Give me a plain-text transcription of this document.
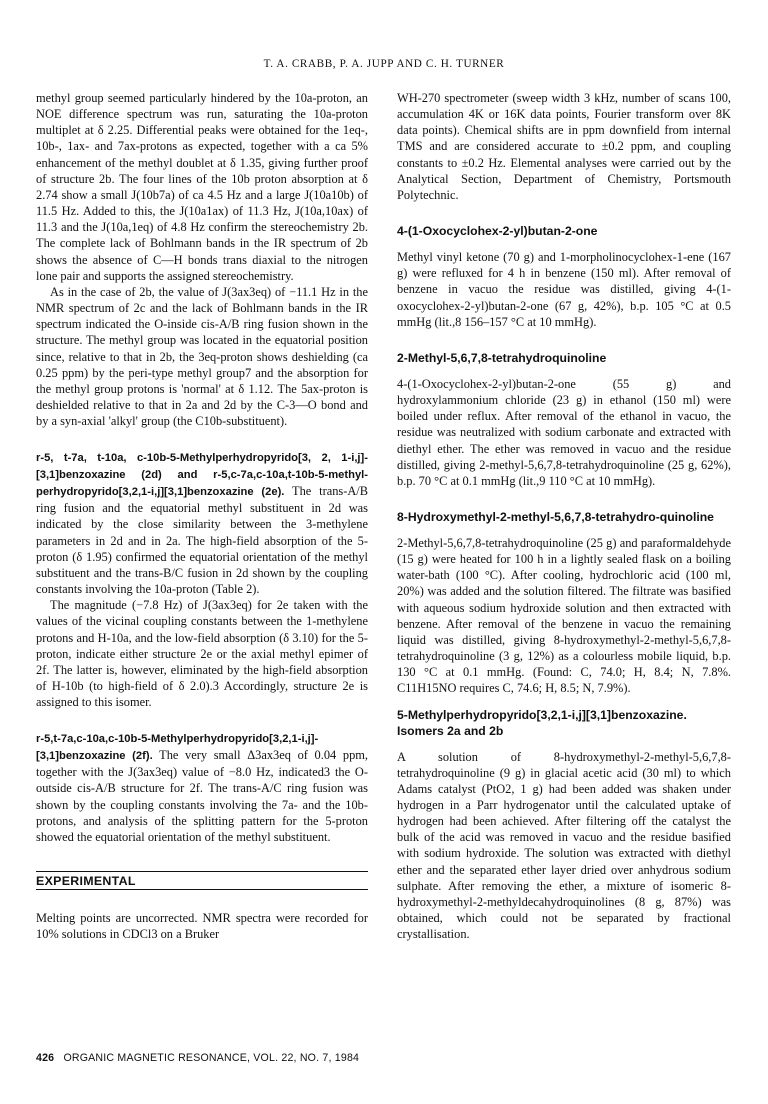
T. A. CRABB, P. A. JUPP AND C. H. TURNER

methyl group seemed particularly hindered by the 10a-proton, an NOE difference spectrum was run, saturating the 10a-proton multiplet at δ 2.25. Differential peaks were obtained for the 1eq-, 10b-, 1ax- and 7ax-protons as expected, together with a ca 5% enhancement of the methyl doublet at δ 1.35, giving further proof of structure 2b. The four lines of the 10b proton absorption at δ 2.74 show a small J(10b7a) of ca 4.5 Hz and a large J(10a10b) of 11.5 Hz. Added to this, the J(10a1ax) of 11.3 Hz, J(10a,10ax) of 11.3 and the J(10a,1eq) of 4.8 Hz confirm the stereochemistry 2b. The complete lack of Bohlmann bands in the IR spectrum of 2b shows the absence of C—H bonds trans diaxial to the nitrogen lone pair and supports the assigned stereochemistry.

As in the case of 2b, the value of J(3ax3eq) of −11.1 Hz in the NMR spectrum of 2c and the lack of Bohlmann bands in the IR spectrum indicated the O-inside cis-A/B ring fusion shown in the structure. The methyl group was located in the equatorial position since, relative to that in 2b, the 3eq-proton shows deshielding (ca 0.25 ppm) by the peri-type methyl group7 and the absorption for the methyl group protons is 'normal' at δ 1.12. The 5ax-proton is deshielded relative to that in 2a and 2d by the C-3—O bond and by a syn-axial 'alkyl' group (the C10b-substituent).

r-5, t-7a, t-10a, c-10b-5-Methylperhydropyrido[3, 2, 1-i,j]-[3,1]benzoxazine (2d) and r-5,c-7a,c-10a,t-10b-5-methyl-perhydropyrido[3,2,1-i,j][3,1]benzoxazine (2e). The trans-A/B ring fusion and the equatorial methyl substituent in 2d was indicated by the close similarity between the 3-methylene parameters in 2d and in 2a. The high-field absorption of the 5-proton (δ 1.95) confirmed the equatorial orientation of the methyl substituent and the trans-B/C fusion in 2d shown by the coupling constants involving the 10a-proton (Table 2).

The magnitude (−7.8 Hz) of J(3ax3eq) for 2e taken with the values of the vicinal coupling constants between the 1-methylene protons and H-10a, and the low-field absorption (δ 3.10) for the 5-proton, indicate either structure 2e or the axial methyl epimer of 2f. The latter is, however, eliminated by the high-field absorption of H-10b (to high-field of δ 2.0).3 Accordingly, structure 2e is assigned to this isomer.

r-5,t-7a,c-10a,c-10b-5-Methylperhydropyrido[3,2,1-i,j]-[3,1]benzoxazine (2f). The very small Δ3ax3eq of 0.04 ppm, together with the J(3ax3eq) value of −8.0 Hz, indicated3 the O-outside cis-A/B structure for 2f. The trans-A/C ring fusion was shown by the coupling constants involving the 7a- and the 10b-protons, and analysis of the splitting pattern for the 5-proton showed the equatorial orientation of the methyl substituent.

EXPERIMENTAL

Melting points are uncorrected. NMR spectra were recorded for 10% solutions in CDCl3 on a Bruker

WH-270 spectrometer (sweep width 3 kHz, number of scans 100, accumulation 4K or 16K data points, Fourier transform over 8K data points). Chemical shifts are in ppm downfield from internal TMS and are considered accurate to ±0.2 ppm, and coupling constants to ±0.2 Hz. Elemental analyses were carried out by the Analytical Section, Department of Chemistry, Portsmouth Polytechnic.

4-(1-Oxocyclohex-2-yl)butan-2-one

Methyl vinyl ketone (70 g) and 1-morpholinocyclohex-1-ene (167 g) were refluxed for 4 h in benzene (150 ml). After removal of benzene in vacuo the residue was distilled, giving 4-(1-oxocyclohex-2-yl)butan-2-one (67 g, 42%), b.p. 105 °C at 0.5 mmHg (lit.,8 156–157 °C at 10 mmHg).

2-Methyl-5,6,7,8-tetrahydroquinoline

4-(1-Oxocyclohex-2-yl)butan-2-one (55 g) and hydroxylammonium chloride (23 g) in ethanol (150 ml) were boiled under reflux. After removal of the ethanol in vacuo, the residue was neutralized with sodium carbonate and extracted with diethyl ether. The ether was removed in vacuo and the residue distilled, giving 2-methyl-5,6,7,8-tetrahydroquinoline (25 g, 62%), b.p. 70 °C at 0.1 mmHg (lit.,9 110 °C at 10 mmHg).

8-Hydroxymethyl-2-methyl-5,6,7,8-tetrahydro-quinoline

2-Methyl-5,6,7,8-tetrahydroquinoline (25 g) and paraformaldehyde (15 g) were heated for 100 h in a lightly sealed flask on a boiling water-bath (100 °C). After cooling, hydrochloric acid (100 ml, 20%) was added and the solution filtered. The filtrate was basified with aqueous sodium hydroxide solution and then extracted with benzene. After removal of the benzene in vacuo the remaining liquid was distilled, giving 8-hydroxymethyl-2-methyl-5,6,7,8-tetrahydroquinoline (3 g, 12%) as a colourless mobile liquid, b.p. 130 °C at 0.1 mmHg. (Found: C, 74.0; H, 8.4; N, 7.8%. C11H15NO requires C, 74.6; H, 8.5; N, 7.9%).

5-Methylperhydropyrido[3,2,1-i,j][3,1]benzoxazine. Isomers 2a and 2b

A solution of 8-hydroxymethyl-2-methyl-5,6,7,8-tetrahydroquinoline (9 g) in glacial acetic acid (30 ml) to which Adams catalyst (PtO2, 1 g) had been added was shaken under hydrogen in a Parr hydrogenator until the calculated uptake of hydrogen had been achieved. After filtering off the catalyst the bulk of the acid was removed in vacuo and the residue basified with sodium hydroxide. The solution was extracted with diethyl ether and the separated ether layer dried over anhydrous sodium sulphate. After removing the ether, a mixture of isomeric 8-hydroxymethyl-2-methyldecahydroquinolines (8 g, 87%) was obtained, which could not be separated by fractional crystallisation.

426 ORGANIC MAGNETIC RESONANCE, VOL. 22, NO. 7, 1984
